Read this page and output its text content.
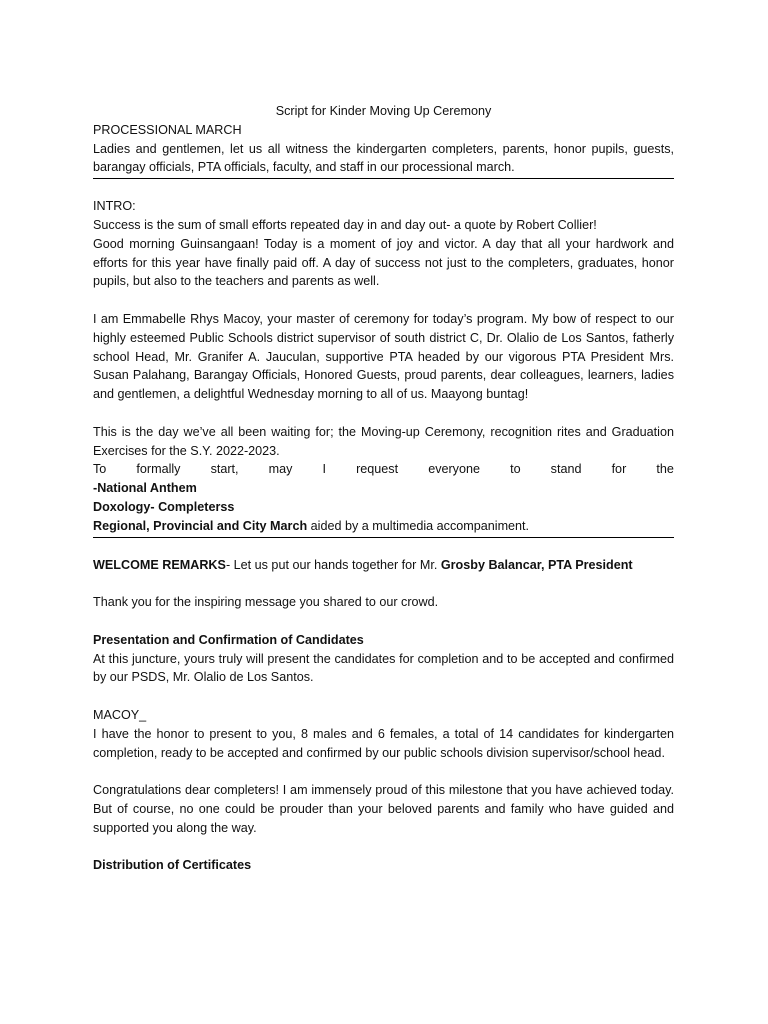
Script for Kinder Moving Up Ceremony

PROCESSIONAL MARCH

Ladies and gentlemen, let us all witness the kindergarten completers, parents, honor pupils, guests, barangay officials, PTA officials, faculty, and staff in our processional march.

INTRO:

Success is the sum of small efforts repeated day in and day out- a quote by Robert Collier!

Good morning Guinsangaan! Today is a moment of joy and victor. A day that all your hardwork and efforts for this year have finally paid off. A day of success not just to the completers, graduates, honor pupils, but also to the teachers and parents as well.

I am Emmabelle Rhys Macoy, your master of ceremony for today’s program. My bow of respect to our highly esteemed Public Schools district supervisor of south district C, Dr. Olalio de Los Santos, fatherly school Head, Mr. Granifer A. Jauculan, supportive PTA headed by our vigorous PTA President Mrs. Susan Palahang, Barangay Officials, Honored Guests, proud parents, dear colleagues, learners, ladies and gentlemen, a delightful Wednesday morning to all of us. Maayong buntag!

This is the day we’ve all been waiting for; the Moving-up Ceremony, recognition rites and Graduation Exercises for the S.Y. 2022-2023.

To formally start, may I request everyone to stand for the

-National Anthem

Doxology- Completerss

Regional, Provincial and City March aided by a multimedia accompaniment.

WELCOME REMARKS- Let us put our hands together for Mr. Grosby Balancar, PTA President

Thank you for the inspiring message you shared to our crowd.

Presentation and Confirmation of Candidates

At this juncture, yours truly will present the candidates for completion and to be accepted and confirmed by our PSDS, Mr. Olalio de Los Santos.

MACOY_

I have the honor to present to you, 8 males and 6 females, a total of 14 candidates for kindergarten completion, ready to be accepted and confirmed by our public schools division supervisor/school head.

Congratulations dear completers! I am immensely proud of this milestone that you have achieved today. But of course, no one could be prouder than your beloved parents and family who have guided and supported you along the way.

Distribution of Certificates
